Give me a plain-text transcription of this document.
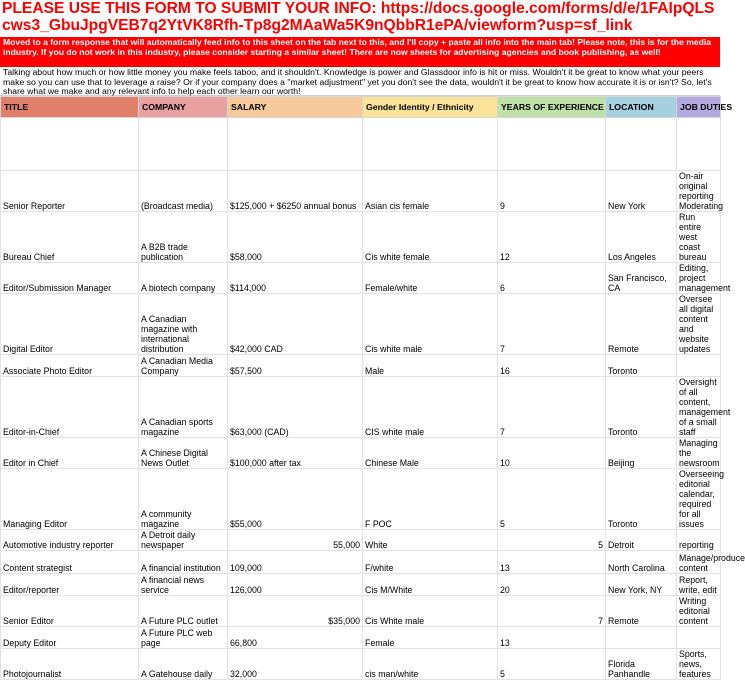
PLEASE USE THIS FORM TO SUBMIT YOUR INFO: https://docs.google.com/forms/d/e/1FAIpQLScws3_GbuJpgVEB7q2YtVK8Rfh-Tp8g2MAaWa5K9nQbbR1ePA/viewform?usp=sf_link
Moved to a form response that will automatically feed info to this sheet on the tab next to this, and I'll copy + paste all info into the main tab! Please note, this is for the media industry. If you do not work in this industry, please consider starting a similar sheet! There are now sheets for advertising agencies and book publishing, as well!
Talking about how much or how little money you make feels taboo, and it shouldn't. Knowledge is power and Glassdoor info is hit or miss. Wouldn't it be great to know what your peers make so you can use that to leverage a raise? Or if your company does a "market adjustment" yet you don't see the data, wouldn't it be great to know how accurate it is or isn't? So, let's share what we make and any relevant info to help each other learn our worth!
TITLE	COMPANY	SALARY	Gender Identity / Ethnicity	YEARS OF EXPERIENCE	LOCATION	JOB DUTIES

Senior Reporter	(Broadcast media)	$125,000 + $6250 annual bonus	Asian cis female	9	New York	On-air original reporting Moderating
Bureau Chief	A B2B trade publication	$58,000	Cis white female	12	Los Angeles	Run entire west coast bureau
Editor/Submission Manager	A biotech company	$114,000	Female/white	6	San Francisco, CA	Editing, project management
Digital Editor	A Canadian magazine with international distribution	$42,000 CAD	Cis white male	7	Remote	Oversee all digital content and website updates
Associate Photo Editor	A Canadian Media Company	$57,500	Male	16	Toronto	
Editor-in-Chief	A Canadian sports magazine	$63,000 (CAD)	CIS white male	7	Toronto	Oversight of all content, management of a small staff
Editor in Chief	A Chinese Digital News Outlet	$100,000 after tax	Chinese Male	10	Beijing	Managing the newsroom
Managing Editor	A community magazine	$55,000	F POC	5	Toronto	Overseeing editorial calendar, required for all issues
Automotive industry reporter	A Detroit daily newspaper	55,000	White	5	Detroit	reporting
Content strategist	A financial institution	109,000	F/white	13	North Carolina	Manage/produce content
Editor/reporter	A financial news service	126,000	Cis M/White	20	New York, NY	Report, write, edit
Senior Editor	A Future PLC outlet	$35,000	Cis White male	7	Remote	Writing editorial content
Deputy Editor	A Future PLC web page	66,800	Female	13		
Photojournalist	A Gatehouse daily	32,000	cis man/white	5	Florida Panhandle	Sports, news, features
